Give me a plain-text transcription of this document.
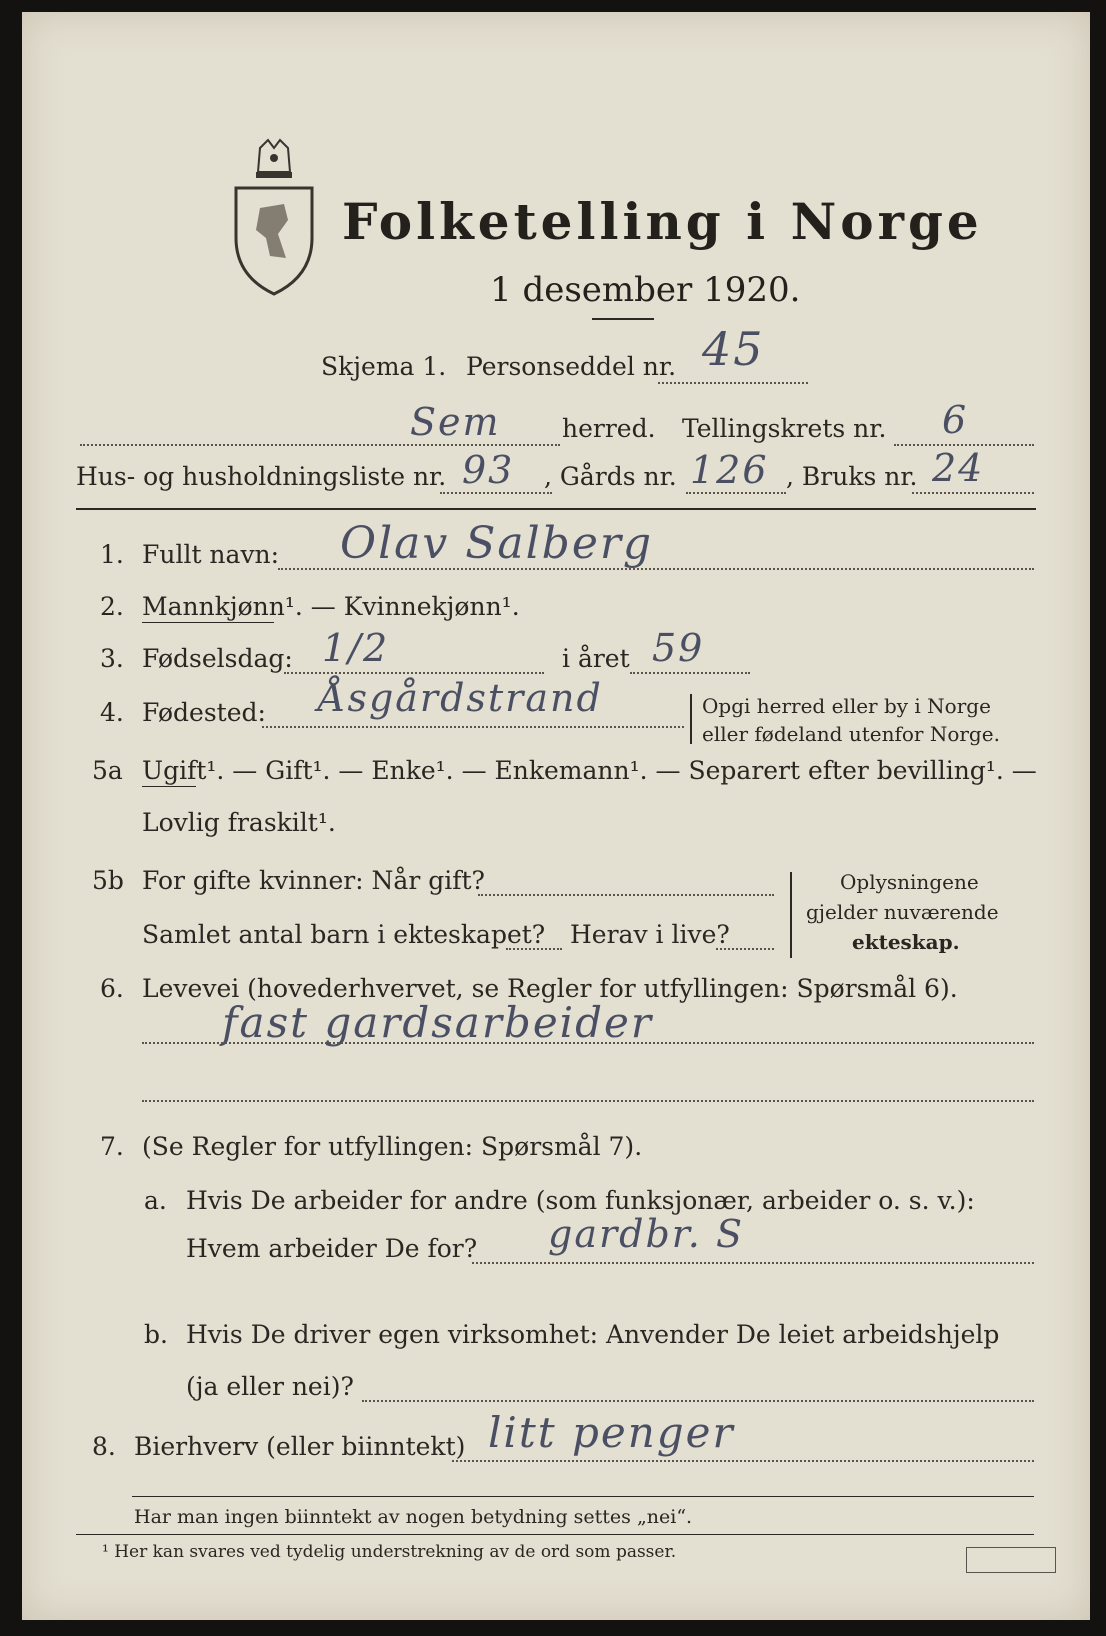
Folketelling i Norge
1 desember 1920.
Skjema 1. Personseddel nr. 45
Sem herred. Tellingskrets nr. 6
Hus- og husholdningsliste nr. 93 , Gårds nr. 126 , Bruks nr. 24
1. Fullt navn: Olav Salberg
2. Mannkjønn¹. — Kvinnekjønn¹.
3. Fødselsdag: 1/2	i året 59
4. Fødested: Åsgårdstrand	Opgi herred eller by i Norge
eller fødeland utenfor Norge.
5a Ugift¹. — Gift¹. — Enke¹. — Enkemann¹. — Separert efter bevilling¹. —
Lovlig fraskilt¹.
5b For gifte kvinner: Når gift?
Samlet antal barn i ekteskapet? Herav i live?
Oplysningene
gjelder nuværende
ekteskap.
6. Levevei (hovederhvervet, se Regler for utfyllingen: Spørsmål 6).
fast gardsarbeider
7. (Se Regler for utfyllingen: Spørsmål 7).
a. Hvis De arbeider for andre (som funksjonær, arbeider o. s. v.):
Hvem arbeider De for? gardbr. S
b. Hvis De driver egen virksomhet: Anvender De leiet arbeidshjelp
(ja eller nei)?
8. Bierhverv (eller biinntekt) litt penger
Har man ingen biinntekt av nogen betydning settes „nei“.
¹ Her kan svares ved tydelig understrekning av de ord som passer.
